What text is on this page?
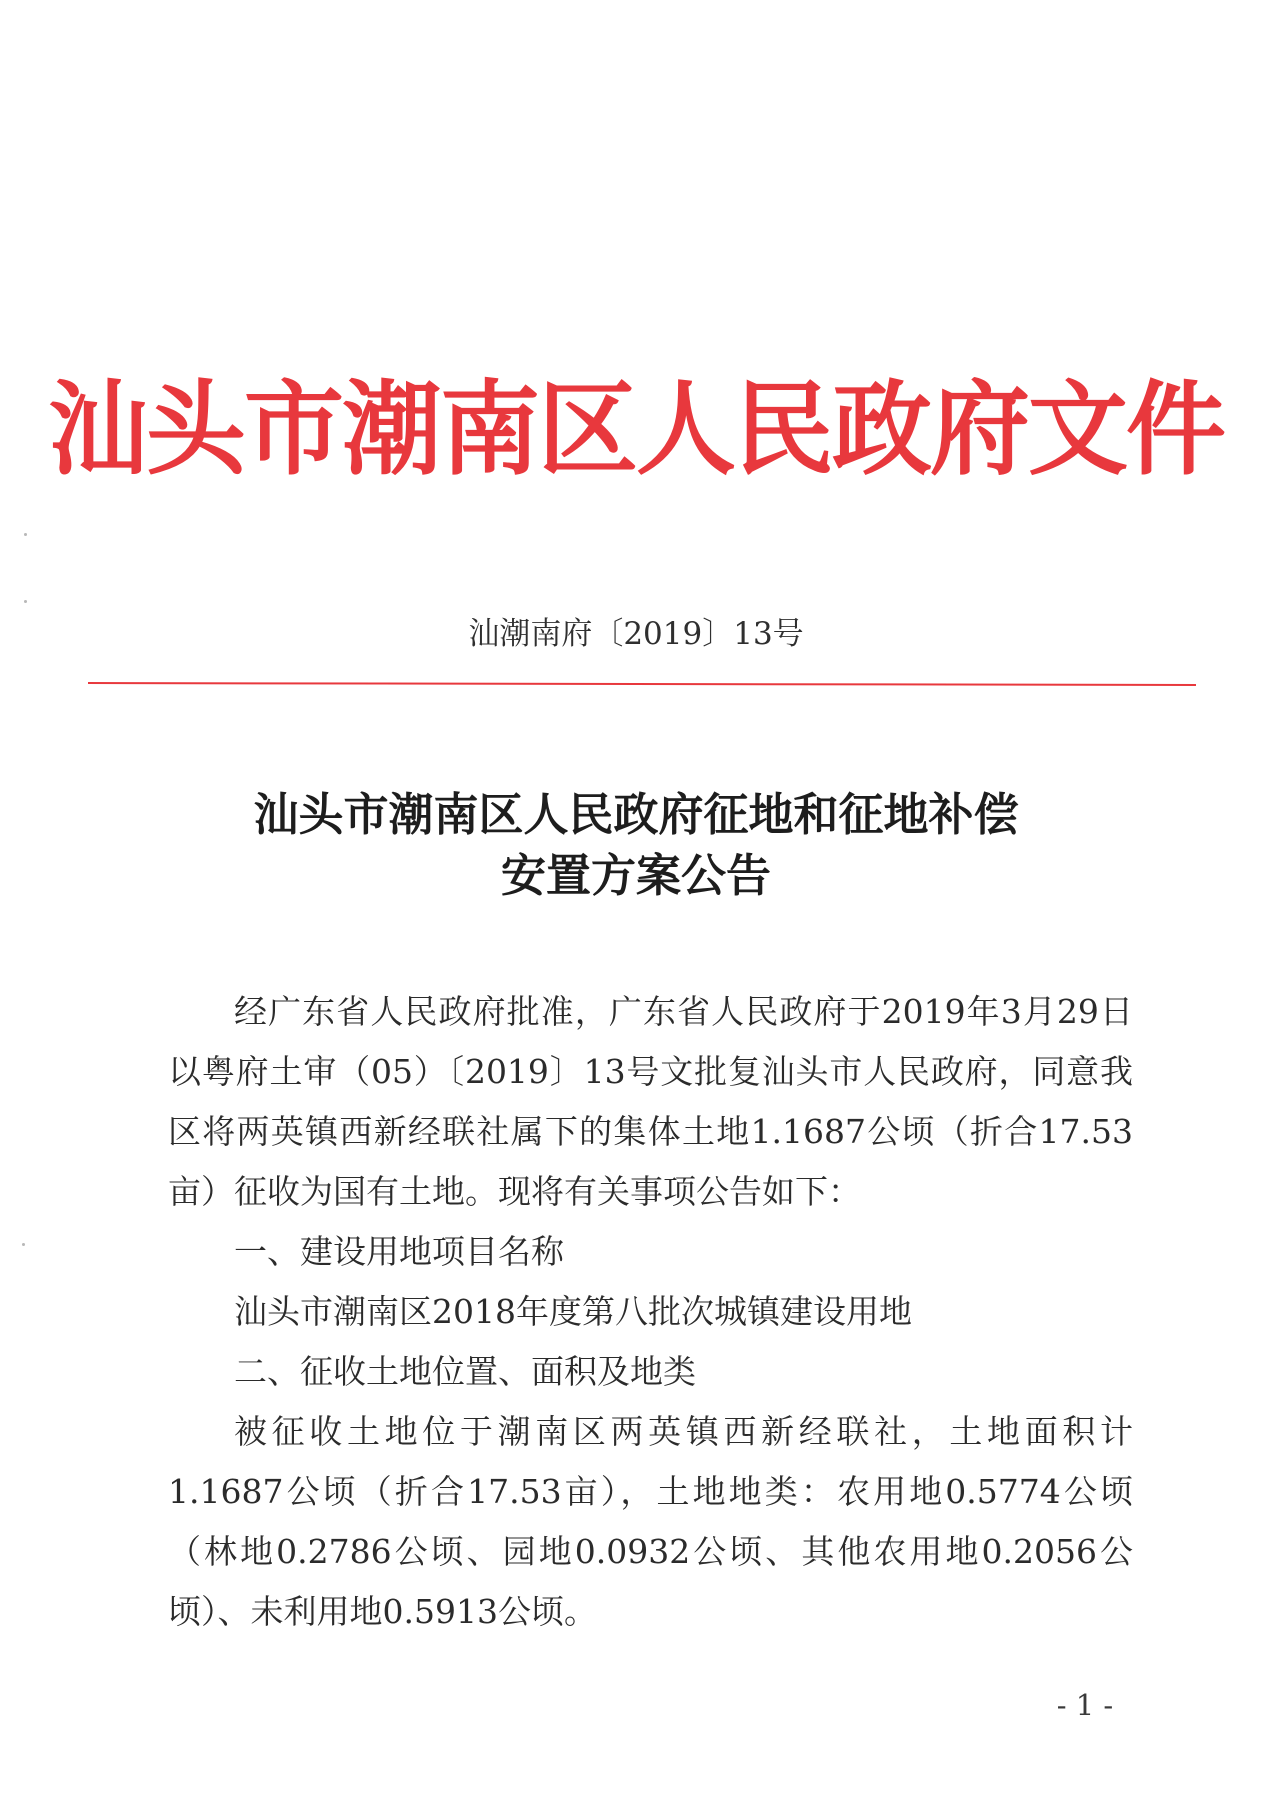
汕头市潮南区人民政府文件
汕潮南府〔2019〕13号
汕头市潮南区人民政府征地和征地补偿
安置方案公告

经广东省人民政府批准，广东省人民政府于2019年3月29日以粤府土审（05）〔2019〕13号文批复汕头市人民政府，同意我区将两英镇西新经联社属下的集体土地1.1687公顷（折合17.53亩）征收为国有土地。现将有关事项公告如下：

一、建设用地项目名称

汕头市潮南区2018年度第八批次城镇建设用地

二、征收土地位置、面积及地类

被征收土地位于潮南区两英镇西新经联社，土地面积计1.1687公顷（折合17.53亩），土地地类：农用地0.5774公顷（林地0.2786公顷、园地0.0932公顷、其他农用地0.2056公顷）、未利用地0.5913公顷。

- 1 -
